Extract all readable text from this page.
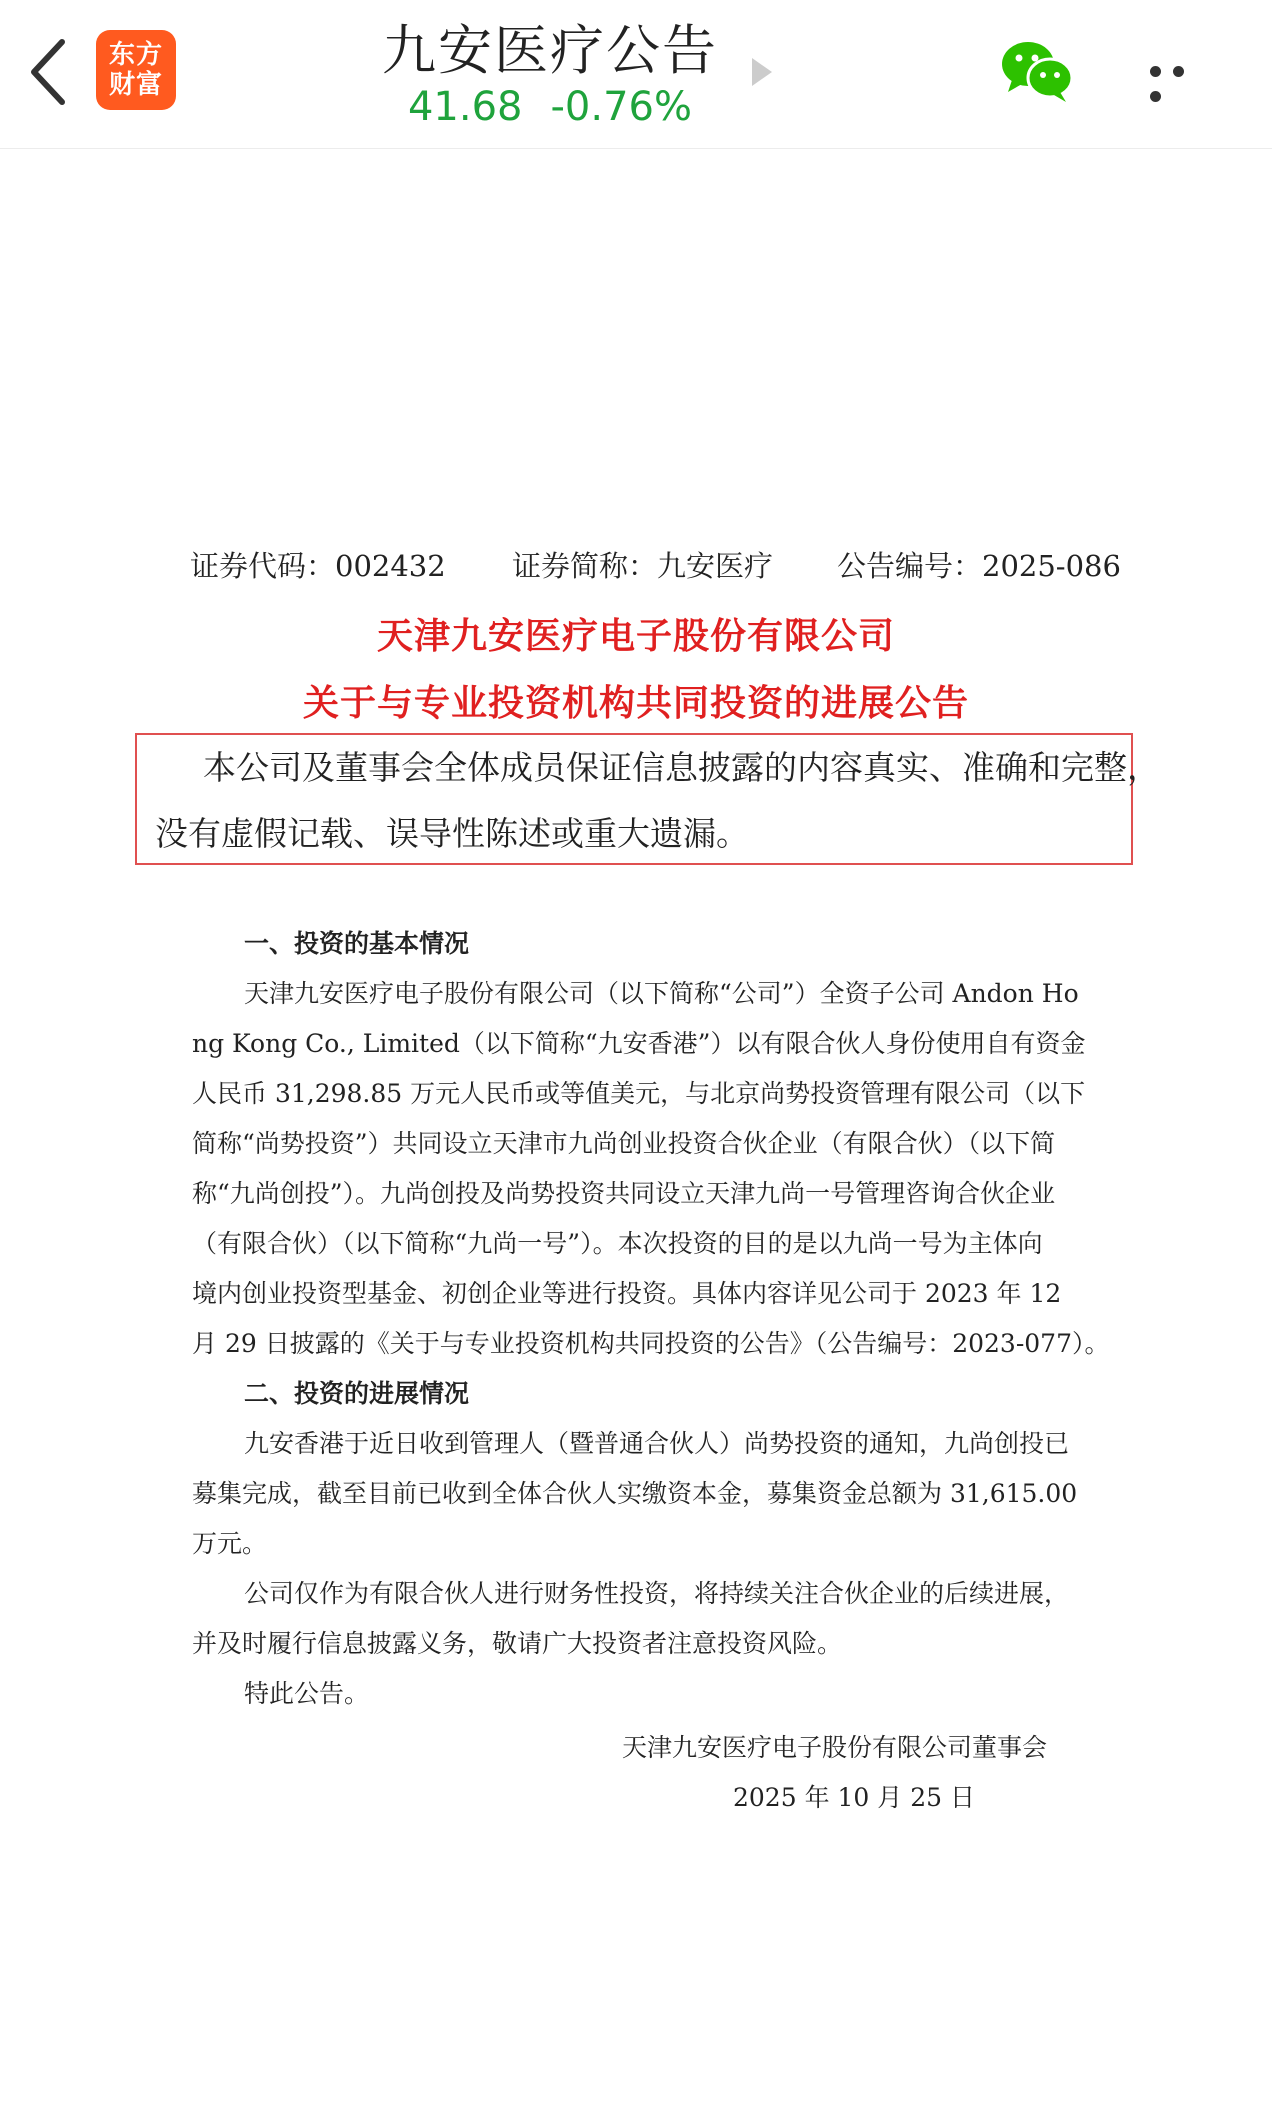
东方
财富
九安医疗公告
41.68 -0.76%
证券代码：002432 证券简称：九安医疗 公告编号：2025-086
天津九安医疗电子股份有限公司
关于与专业投资机构共同投资的进展公告
本公司及董事会全体成员保证信息披露的内容真实、准确和完整，
没有虚假记载、误导性陈述或重大遗漏。
一、投资的基本情况
天津九安医疗电子股份有限公司（以下简称“公司”）全资子公司 Andon Ho
ng Kong Co., Limited（以下简称“九安香港”）以有限合伙人身份使用自有资金
人民币 31,298.85 万元人民币或等值美元，与北京尚势投资管理有限公司（以下
简称“尚势投资”）共同设立天津市九尚创业投资合伙企业（有限合伙）（以下简
称“九尚创投”）。九尚创投及尚势投资共同设立天津九尚一号管理咨询合伙企业
（有限合伙）（以下简称“九尚一号”）。本次投资的目的是以九尚一号为主体向
境内创业投资型基金、初创企业等进行投资。具体内容详见公司于 2023 年 12
月 29 日披露的《关于与专业投资机构共同投资的公告》（公告编号：2023-077）。
二、投资的进展情况
九安香港于近日收到管理人（暨普通合伙人）尚势投资的通知，九尚创投已
募集完成，截至目前已收到全体合伙人实缴资本金，募集资金总额为 31,615.00
万元。
公司仅作为有限合伙人进行财务性投资，将持续关注合伙企业的后续进展，
并及时履行信息披露义务，敬请广大投资者注意投资风险。
特此公告。
天津九安医疗电子股份有限公司董事会
2025 年 10 月 25 日
